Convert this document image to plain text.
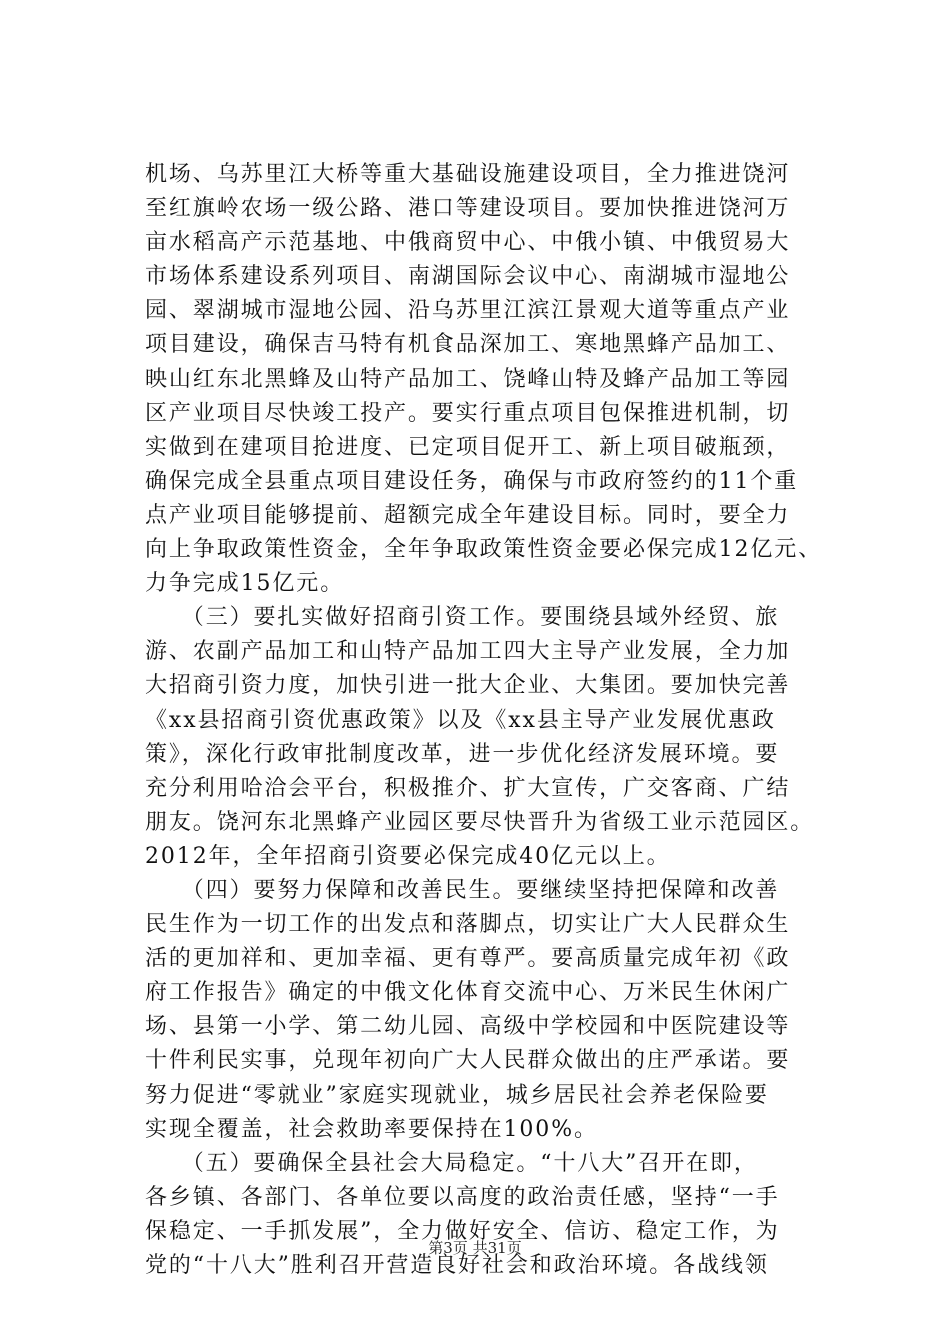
机场、乌苏里江大桥等重大基础设施建设项目，全力推进饶河
至红旗岭农场一级公路、港口等建设项目。要加快推进饶河万
亩水稻高产示范基地、中俄商贸中心、中俄小镇、中俄贸易大
市场体系建设系列项目、南湖国际会议中心、南湖城市湿地公
园、翠湖城市湿地公园、沿乌苏里江滨江景观大道等重点产业
项目建设，确保吉马特有机食品深加工、寒地黑蜂产品加工、
映山红东北黑蜂及山特产品加工、饶峰山特及蜂产品加工等园
区产业项目尽快竣工投产。要实行重点项目包保推进机制，切
实做到在建项目抢进度、已定项目促开工、新上项目破瓶颈，
确保完成全县重点项目建设任务，确保与市政府签约的11个重
点产业项目能够提前、超额完成全年建设目标。同时，要全力
向上争取政策性资金，全年争取政策性资金要必保完成12亿元、
力争完成15亿元。
　　（三）要扎实做好招商引资工作。要围绕县域外经贸、旅
游、农副产品加工和山特产品加工四大主导产业发展，全力加
大招商引资力度，加快引进一批大企业、大集团。要加快完善
《xx县招商引资优惠政策》以及《xx县主导产业发展优惠政
策》，深化行政审批制度改革，进一步优化经济发展环境。要
充分利用哈洽会平台，积极推介、扩大宣传，广交客商、广结
朋友。饶河东北黑蜂产业园区要尽快晋升为省级工业示范园区。
2012年，全年招商引资要必保完成40亿元以上。
　　（四）要努力保障和改善民生。要继续坚持把保障和改善
民生作为一切工作的出发点和落脚点，切实让广大人民群众生
活的更加祥和、更加幸福、更有尊严。要高质量完成年初《政
府工作报告》确定的中俄文化体育交流中心、万米民生休闲广
场、县第一小学、第二幼儿园、高级中学校园和中医院建设等
十件利民实事，兑现年初向广大人民群众做出的庄严承诺。要
努力促进“零就业”家庭实现就业，城乡居民社会养老保险要
实现全覆盖，社会救助率要保持在100%。
　　（五）要确保全县社会大局稳定。“十八大”召开在即，
各乡镇、各部门、各单位要以高度的政治责任感，坚持“一手
保稳定、一手抓发展”，全力做好安全、信访、稳定工作，为
党的“十八大”胜利召开营造良好社会和政治环境。各战线领
第3页 共31页
